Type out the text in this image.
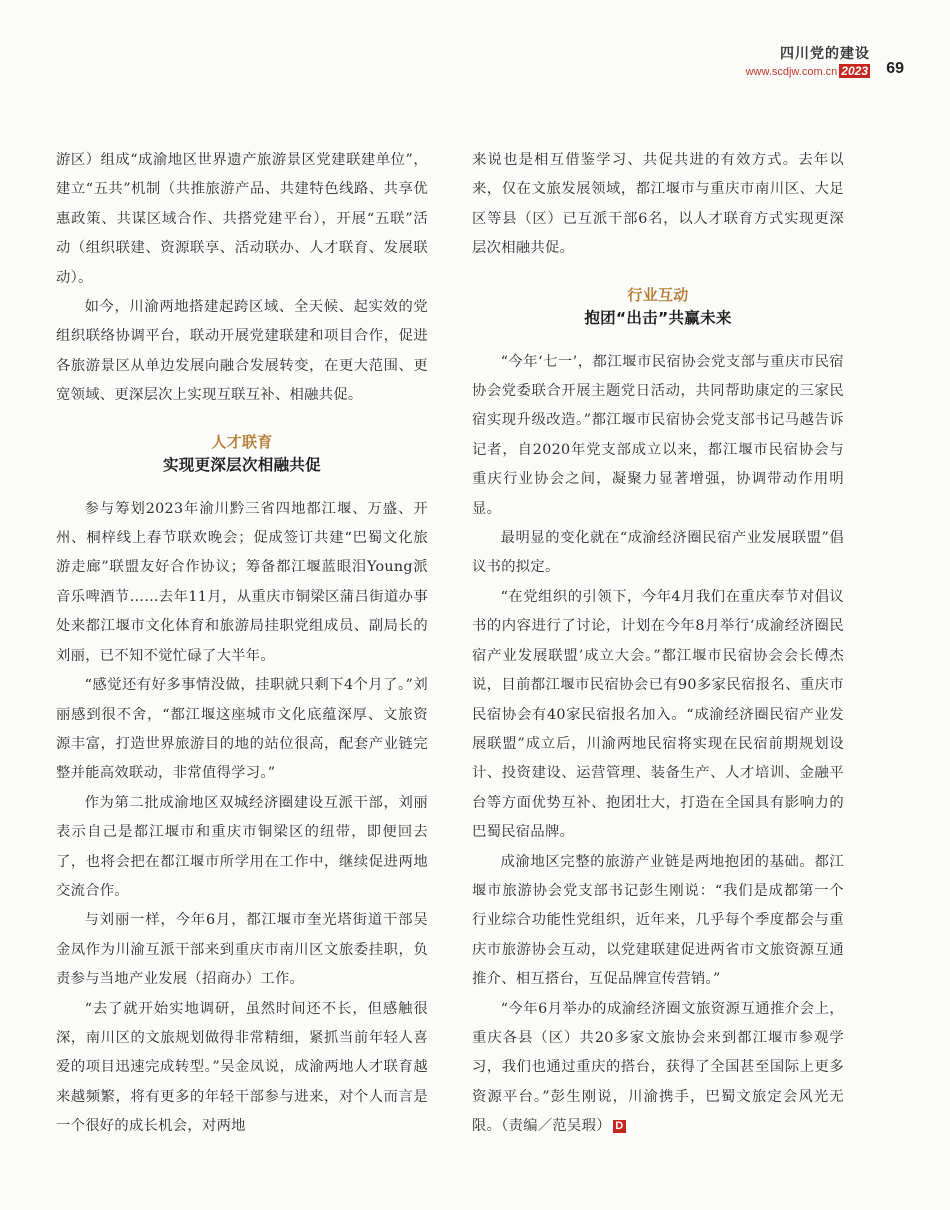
四川党的建设
www.scdjw.com.cn 2023 69

游区）组成“成渝地区世界遗产旅游景区党建联建单位”，建立“五共”机制（共推旅游产品、共建特色线路、共享优惠政策、共谋区域合作、共搭党建平台），开展“五联”活动（组织联建、资源联享、活动联办、人才联育、发展联动）。

如今，川渝两地搭建起跨区域、全天候、起实效的党组织联络协调平台，联动开展党建联建和项目合作，促进各旅游景区从单边发展向融合发展转变，在更大范围、更宽领域、更深层次上实现互联互补、相融共促。

人才联育
实现更深层次相融共促

参与筹划2023年渝川黔三省四地都江堰、万盛、开州、桐梓线上春节联欢晚会；促成签订共建“巴蜀文化旅游走廊”联盟友好合作协议；筹备都江堰蓝眼泪Young派音乐啤酒节……去年11月，从重庆市铜梁区蒲吕街道办事处来都江堰市文化体育和旅游局挂职党组成员、副局长的刘丽，已不知不觉忙碌了大半年。

“感觉还有好多事情没做，挂职就只剩下4个月了。”刘丽感到很不舍，“都江堰这座城市文化底蕴深厚、文旅资源丰富，打造世界旅游目的地的站位很高，配套产业链完整并能高效联动，非常值得学习。”

作为第二批成渝地区双城经济圈建设互派干部，刘丽表示自己是都江堰市和重庆市铜梁区的纽带，即便回去了，也将会把在都江堰市所学用在工作中，继续促进两地交流合作。

与刘丽一样，今年6月，都江堰市奎光塔街道干部吴金凤作为川渝互派干部来到重庆市南川区文旅委挂职，负责参与当地产业发展（招商办）工作。

“去了就开始实地调研，虽然时间还不长，但感触很深，南川区的文旅规划做得非常精细，紧抓当前年轻人喜爱的项目迅速完成转型。”吴金凤说，成渝两地人才联育越来越频繁，将有更多的年轻干部参与进来，对个人而言是一个很好的成长机会，对两地

来说也是相互借鉴学习、共促共进的有效方式。去年以来，仅在文旅发展领域，都江堰市与重庆市南川区、大足区等县（区）已互派干部6名，以人才联育方式实现更深层次相融共促。

行业互动
抱团“出击”共赢未来

“今年‘七一’，都江堰市民宿协会党支部与重庆市民宿协会党委联合开展主题党日活动，共同帮助康定的三家民宿实现升级改造。”都江堰市民宿协会党支部书记马越告诉记者，自2020年党支部成立以来，都江堰市民宿协会与重庆行业协会之间，凝聚力显著增强，协调带动作用明显。

最明显的变化就在“成渝经济圈民宿产业发展联盟”倡议书的拟定。

“在党组织的引领下，今年4月我们在重庆奉节对倡议书的内容进行了讨论，计划在今年8月举行‘成渝经济圈民宿产业发展联盟’成立大会。”都江堰市民宿协会会长傅杰说，目前都江堰市民宿协会已有90多家民宿报名、重庆市民宿协会有40家民宿报名加入。“成渝经济圈民宿产业发展联盟”成立后，川渝两地民宿将实现在民宿前期规划设计、投资建设、运营管理、装备生产、人才培训、金融平台等方面优势互补、抱团壮大，打造在全国具有影响力的巴蜀民宿品牌。

成渝地区完整的旅游产业链是两地抱团的基础。都江堰市旅游协会党支部书记彭生刚说：“我们是成都第一个行业综合功能性党组织，近年来，几乎每个季度都会与重庆市旅游协会互动，以党建联建促进两省市文旅资源互通推介、相互搭台，互促品牌宣传营销。”

“今年6月举办的成渝经济圈文旅资源互通推介会上，重庆各县（区）共20多家文旅协会来到都江堰市参观学习，我们也通过重庆的搭台，获得了全国甚至国际上更多资源平台。”彭生刚说，川渝携手，巴蜀文旅定会风光无限。（责编／范吴瑕） D
